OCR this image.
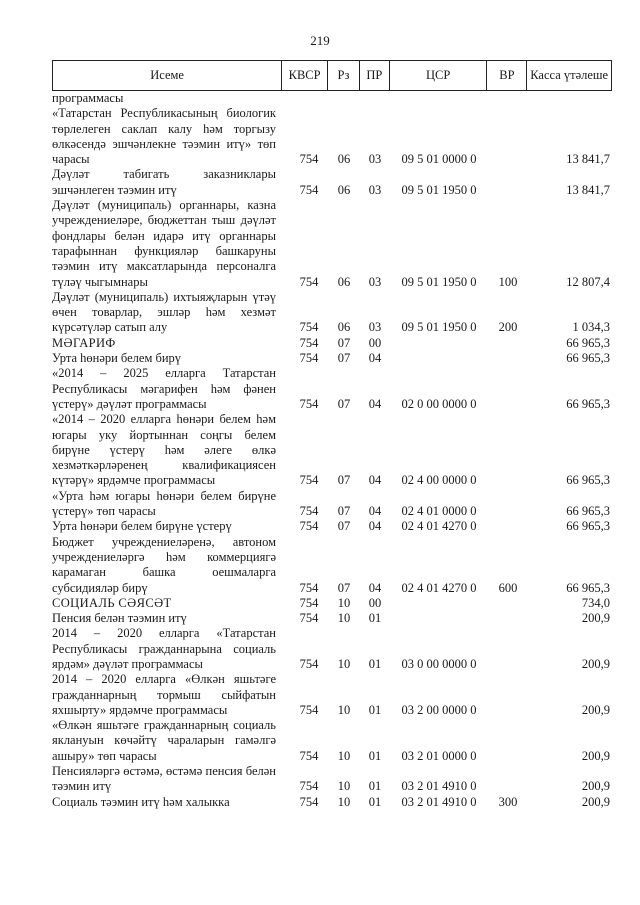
219
Исеме	КВСР	Рз	ПР	ЦСР	ВР	Касса үтәлеше
программасы
«Татарстан Республикасының биологик төрлелеген саклап калу һәм торгызу өлкәсендә эшчәнлекне тәэмин итү» төп чарасы	754	06	03	09 5 01 0000 0	13 841,7
Дәүләт табигать заказниклары эшчәнлеген тәэмин итү	754	06	03	09 5 01 1950 0	13 841,7
Дәүләт (муниципаль) органнары, казна учреждениеләре, бюджеттан тыш дәүләт фондлары белән идарә итү органнары тарафыннан функцияләр башкаруны тәэмин итү максатларында персоналга түләү чыгымнары	754	06	03	09 5 01 1950 0	100	12 807,4
Дәүләт (муниципаль) ихтыяҗларын үтәү өчен товарлар, эшләр һәм хезмәт күрсәтүләр сатып алу	754	06	03	09 5 01 1950 0	200	1 034,3
МӘГАРИФ	754	07	00	66 965,3
Урта һөнәри белем бирү	754	07	04	66 965,3
«2014 – 2025 елларга Татарстан Республикасы мәгарифен һәм фәнен үстерү» дәүләт программасы	754	07	04	02 0 00 0000 0	66 965,3
«2014 – 2020 елларга һөнәри белем һәм югары уку йортыннан соңгы белем бирүне үстерү һәм әлеге өлкә хезмәткәрләренең квалификациясен күтәрү» ярдәмче программасы	754	07	04	02 4 00 0000 0	66 965,3
«Урта һәм югары һөнәри белем бирүне үстерү» төп чарасы	754	07	04	02 4 01 0000 0	66 965,3
Урта һөнәри белем бирүне үстерү	754	07	04	02 4 01 4270 0	66 965,3
Бюджет учреждениеләренә, автоном учреждениеләргә һәм коммерциягә карамаган башка оешмаларга субсидияләр бирү	754	07	04	02 4 01 4270 0	600	66 965,3
СОЦИАЛЬ СӘЯСӘТ	754	10	00	734,0
Пенсия белән тәэмин итү	754	10	01	200,9
2014 – 2020 елларга «Татарстан Республикасы гражданнарына социаль ярдәм» дәүләт программасы	754	10	01	03 0 00 0000 0	200,9
2014 – 2020 елларга «Өлкән яшьтәге гражданнарның тормыш сыйфатын яхшырту» ярдәмче программасы	754	10	01	03 2 00 0000 0	200,9
«Өлкән яшьтәге гражданнарның социаль яклануын көчәйтү чараларын гамәлгә ашыру» төп чарасы	754	10	01	03 2 01 0000 0	200,9
Пенсияләргә өстәмә, өстәмә пенсия белән тәэмин итү	754	10	01	03 2 01 4910 0	200,9
Социаль тәэмин итү һәм халыкка	754	10	01	03 2 01 4910 0	300	200,9
